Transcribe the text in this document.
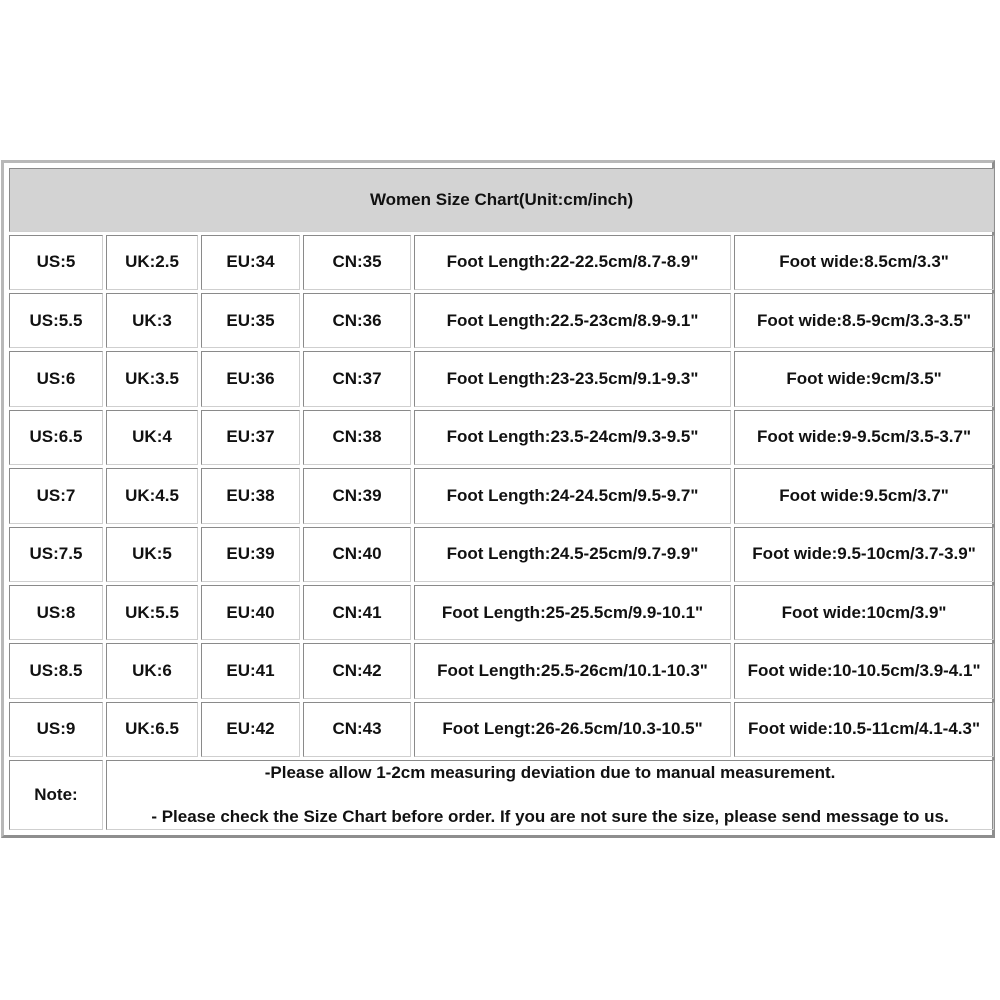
Women Size Chart(Unit:cm/inch)					
US:5	UK:2.5	EU:34	CN:35	Foot Length:22-22.5cm/8.7-8.9"	Foot wide:8.5cm/3.3"
US:5.5	UK:3	EU:35	CN:36	Foot Length:22.5-23cm/8.9-9.1"	Foot wide:8.5-9cm/3.3-3.5"
US:6	UK:3.5	EU:36	CN:37	Foot Length:23-23.5cm/9.1-9.3"	Foot wide:9cm/3.5"
US:6.5	UK:4	EU:37	CN:38	Foot Length:23.5-24cm/9.3-9.5"	Foot wide:9-9.5cm/3.5-3.7"
US:7	UK:4.5	EU:38	CN:39	Foot Length:24-24.5cm/9.5-9.7"	Foot wide:9.5cm/3.7"
US:7.5	UK:5	EU:39	CN:40	Foot Length:24.5-25cm/9.7-9.9"	Foot wide:9.5-10cm/3.7-3.9"
US:8	UK:5.5	EU:40	CN:41	Foot Length:25-25.5cm/9.9-10.1"	Foot wide:10cm/3.9"
US:8.5	UK:6	EU:41	CN:42	Foot Length:25.5-26cm/10.1-10.3"	Foot wide:10-10.5cm/3.9-4.1"
US:9	UK:6.5	EU:42	CN:43	Foot Lengt:26-26.5cm/10.3-10.5"	Foot wide:10.5-11cm/4.1-4.3"
Note:	-Please allow 1-2cm measuring deviation due to manual measurement.
- Please check the Size Chart before order. If you are not sure the size, please send message to us.				
